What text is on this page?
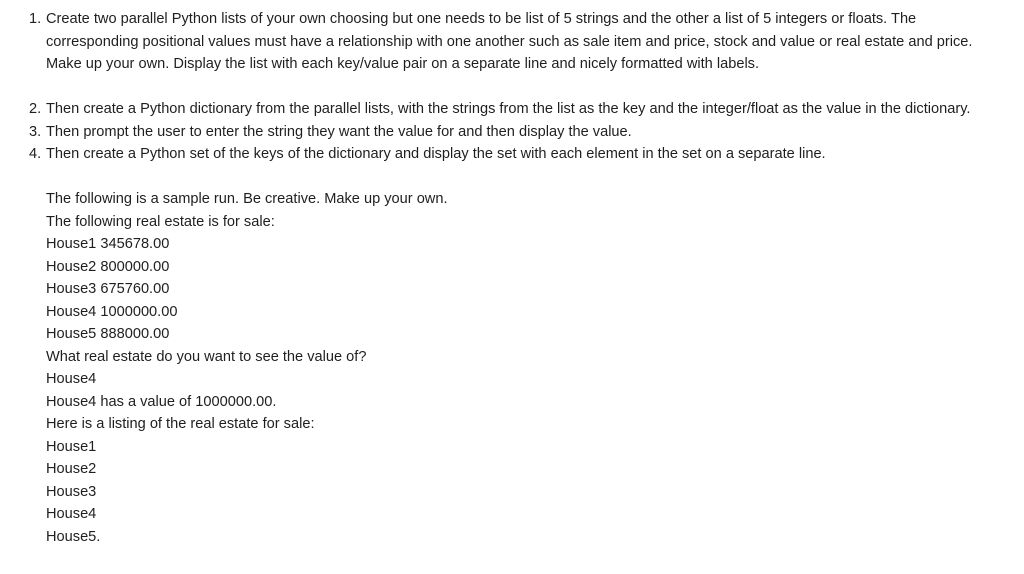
1. Create two parallel Python lists of your own choosing but one needs to be list of 5 strings and the other a list of 5 integers or floats. The corresponding positional values must have a relationship with one another such as sale item and price, stock and value or real estate and price. Make up your own. Display the list with each key/value pair on a separate line and nicely formatted with labels.
2. Then create a Python dictionary from the parallel lists, with the strings from the list as the key and the integer/float as the value in the dictionary.
3. Then prompt the user to enter the string they want the value for and then display the value.
4. Then create a Python set of the keys of the dictionary and display the set with each element in the set on a separate line.
The following is a sample run. Be creative. Make up your own.
The following real estate is for sale:
House1 345678.00
House2 800000.00
House3 675760.00
House4 1000000.00
House5 888000.00
What real estate do you want to see the value of?
House4
House4 has a value of 1000000.00.
Here is a listing of the real estate for sale:
House1
House2
House3
House4
House5.
